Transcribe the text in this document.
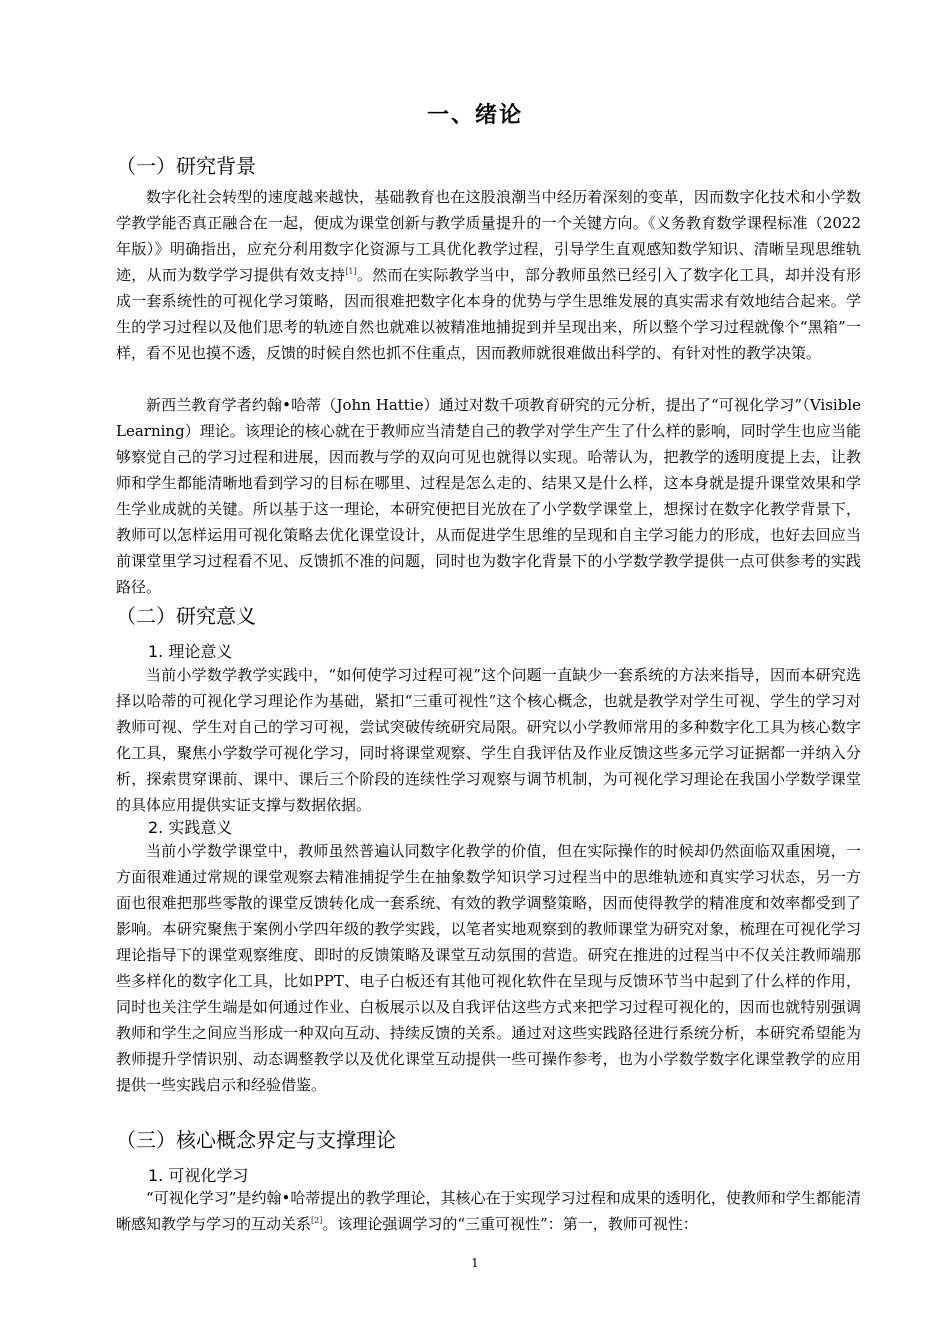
一、绪论
（一）研究背景
数字化社会转型的速度越来越快，基础教育也在这股浪潮当中经历着深刻的变革，因而数字化技术和小学数学教学能否真正融合在一起，便成为课堂创新与教学质量提升的一个关键方向。《义务教育数学课程标准（2022年版）》明确指出，应充分利用数字化资源与工具优化教学过程，引导学生直观感知数学知识、清晰呈现思维轨迹，从而为数学学习提供有效支持[1]。然而在实际教学当中，部分教师虽然已经引入了数字化工具，却并没有形成一套系统性的可视化学习策略，因而很难把数字化本身的优势与学生思维发展的真实需求有效地结合起来。学生的学习过程以及他们思考的轨迹自然也就难以被精准地捕捉到并呈现出来，所以整个学习过程就像个“黑箱”一样，看不见也摸不透，反馈的时候自然也抓不住重点，因而教师就很难做出科学的、有针对性的教学决策。
新西兰教育学者约翰•哈蒂（John Hattie）通过对数千项教育研究的元分析，提出了“可视化学习”（Visible Learning）理论。该理论的核心就在于教师应当清楚自己的教学对学生产生了什么样的影响，同时学生也应当能够察觉自己的学习过程和进展，因而教与学的双向可见也就得以实现。哈蒂认为，把教学的透明度提上去，让教师和学生都能清晰地看到学习的目标在哪里、过程是怎么走的、结果又是什么样，这本身就是提升课堂效果和学生学业成就的关键。所以基于这一理论，本研究便把目光放在了小学数学课堂上，想探讨在数字化教学背景下，教师可以怎样运用可视化策略去优化课堂设计，从而促进学生思维的呈现和自主学习能力的形成，也好去回应当前课堂里学习过程看不见、反馈抓不准的问题，同时也为数字化背景下的小学数学教学提供一点可供参考的实践路径。
（二）研究意义
1. 理论意义
当前小学数学教学实践中，“如何使学习过程可视”这个问题一直缺少一套系统的方法来指导，因而本研究选择以哈蒂的可视化学习理论作为基础，紧扣“三重可视性”这个核心概念，也就是教学对学生可视、学生的学习对教师可视、学生对自己的学习可视，尝试突破传统研究局限。研究以小学教师常用的多种数字化工具为核心数字化工具，聚焦小学数学可视化学习，同时将课堂观察、学生自我评估及作业反馈这些多元学习证据都一并纳入分析，探索贯穿课前、课中、课后三个阶段的连续性学习观察与调节机制，为可视化学习理论在我国小学数学课堂的具体应用提供实证支撑与数据依据。
2. 实践意义
当前小学数学课堂中，教师虽然普遍认同数字化教学的价值，但在实际操作的时候却仍然面临双重困境，一方面很难通过常规的课堂观察去精准捕捉学生在抽象数学知识学习过程当中的思维轨迹和真实学习状态，另一方面也很难把那些零散的课堂反馈转化成一套系统、有效的教学调整策略，因而使得教学的精准度和效率都受到了影响。本研究聚焦于案例小学四年级的教学实践，以笔者实地观察到的教师课堂为研究对象，梳理在可视化学习理论指导下的课堂观察维度、即时的反馈策略及课堂互动氛围的营造。研究在推进的过程当中不仅关注教师端那些多样化的数字化工具，比如PPT、电子白板还有其他可视化软件在呈现与反馈环节当中起到了什么样的作用，同时也关注学生端是如何通过作业、白板展示以及自我评估这些方式来把学习过程可视化的，因而也就特别强调教师和学生之间应当形成一种双向互动、持续反馈的关系。通过对这些实践路径进行系统分析，本研究希望能为教师提升学情识别、动态调整教学以及优化课堂互动提供一些可操作参考，也为小学数学数字化课堂教学的应用提供一些实践启示和经验借鉴。
（三）核心概念界定与支撑理论
1. 可视化学习
“可视化学习”是约翰•哈蒂提出的教学理论，其核心在于实现学习过程和成果的透明化，使教师和学生都能清晰感知教学与学习的互动关系[2]。该理论强调学习的“三重可视性”：第一，教师可视性：
1
